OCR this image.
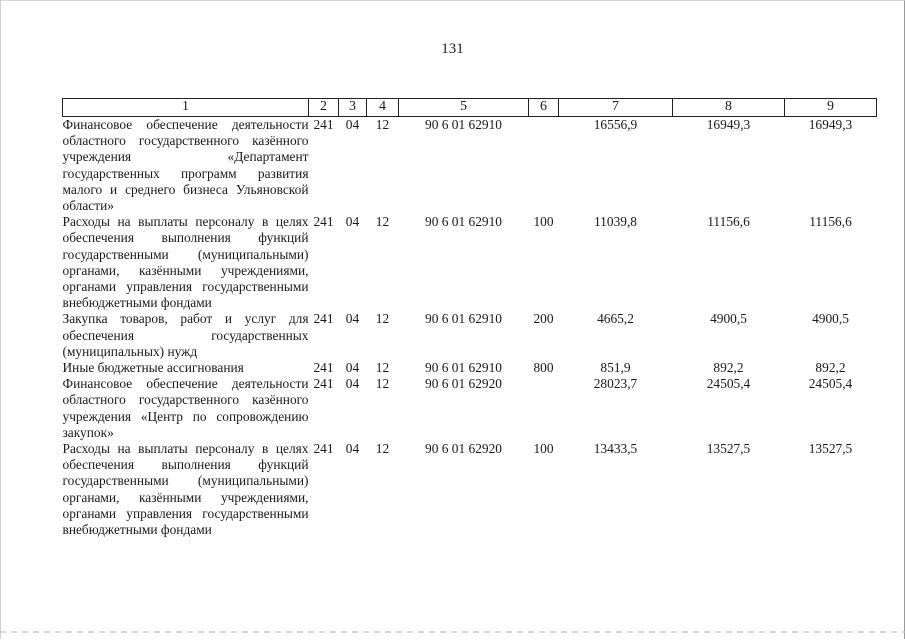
131
1	2	3	4	5	6	7	8	9
Финансовое обеспечение деятельности областного государственного казённого учреждения «Департамент государственных программ развития малого и среднего бизнеса Ульяновской области»	241	04	12	90 6 01 62910		16556,9	16949,3	16949,3
Расходы на выплаты персоналу в целях обеспечения выполнения функций государственными (муниципальными) органами, казёнными учреждениями, органами управления государственными внебюджетными фондами	241	04	12	90 6 01 62910	100	11039,8	11156,6	11156,6
Закупка товаров, работ и услуг для обеспечения государственных (муниципальных) нужд	241	04	12	90 6 01 62910	200	4665,2	4900,5	4900,5
Иные бюджетные ассигнования	241	04	12	90 6 01 62910	800	851,9	892,2	892,2
Финансовое обеспечение деятельности областного государственного казённого учреждения «Центр по сопровождению закупок»	241	04	12	90 6 01 62920		28023,7	24505,4	24505,4
Расходы на выплаты персоналу в целях обеспечения выполнения функций государственными (муниципальными) органами, казёнными учреждениями, органами управления государственными внебюджетными фондами	241	04	12	90 6 01 62920	100	13433,5	13527,5	13527,5
